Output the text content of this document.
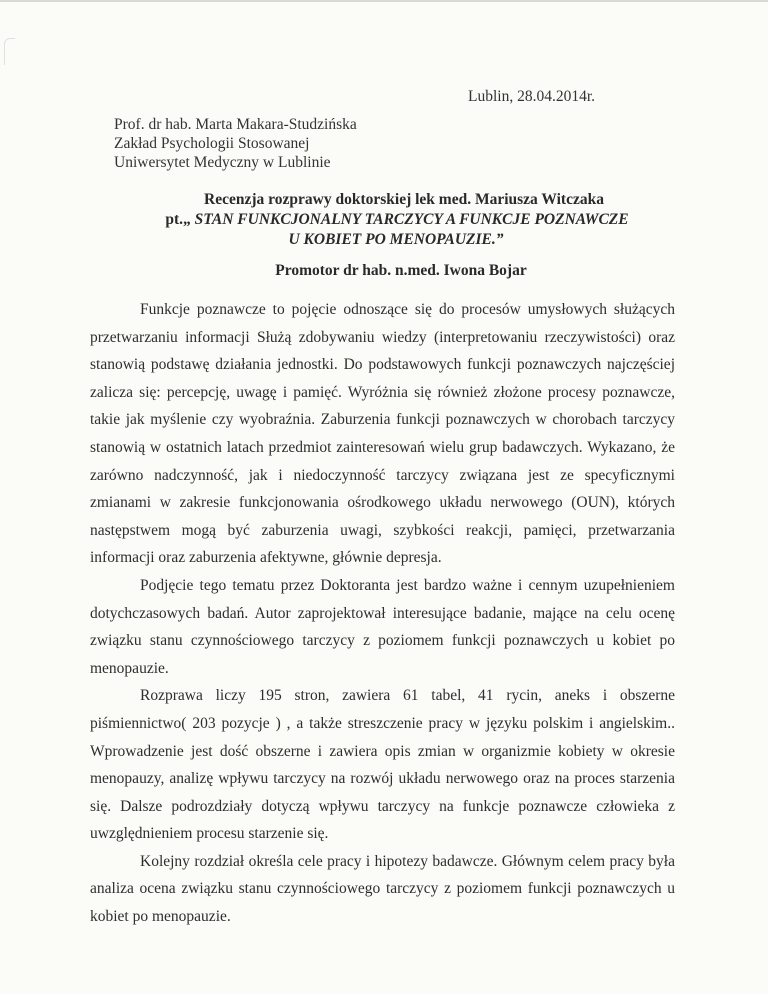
Lublin, 28.04.2014r.
Prof. dr hab. Marta Makara-Studzińska
Zakład Psychologii Stosowanej
Uniwersytet Medyczny w Lublinie
Recenzja rozprawy doktorskiej lek med. Mariusza Witczaka
pt.„ STAN FUNKCJONALNY TARCZYCY A FUNKCJE POZNAWCZE
U KOBIET PO MENOPAUZIE.”
Promotor dr hab. n.med. Iwona Bojar

Funkcje poznawcze to pojęcie odnoszące się do procesów umysłowych służących przetwarzaniu informacji Służą zdobywaniu wiedzy (interpretowaniu rzeczywistości) oraz stanowią podstawę działania jednostki. Do podstawowych funkcji poznawczych najczęściej zalicza się: percepcję, uwagę i pamięć. Wyróżnia się również złożone procesy poznawcze, takie jak myślenie czy wyobraźnia. Zaburzenia funkcji poznawczych w chorobach tarczycy stanowią w ostatnich latach przedmiot zainteresowań wielu grup badawczych. Wykazano, że zarówno nadczynność, jak i niedoczynność tarczycy związana jest ze specyficznymi zmianami w zakresie funkcjonowania ośrodkowego układu nerwowego (OUN), których następstwem mogą być zaburzenia uwagi, szybkości reakcji, pamięci, przetwarzania informacji oraz zaburzenia afektywne, głównie depresja.

Podjęcie tego tematu przez Doktoranta jest bardzo ważne i cennym uzupełnieniem dotychczasowych badań. Autor zaprojektował interesujące badanie, mające na celu ocenę związku stanu czynnościowego tarczycy z poziomem funkcji poznawczych u kobiet po menopauzie.

Rozprawa liczy 195 stron, zawiera 61 tabel, 41 rycin, aneks i obszerne piśmiennictwo( 203 pozycje ) , a także streszczenie pracy w języku polskim i angielskim.. Wprowadzenie jest dość obszerne i zawiera opis zmian w organizmie kobiety w okresie menopauzy, analizę wpływu tarczycy na rozwój układu nerwowego oraz na proces starzenia się. Dalsze podrozdziały dotyczą wpływu tarczycy na funkcje poznawcze człowieka z uwzględnieniem procesu starzenie się.

Kolejny rozdział określa cele pracy i hipotezy badawcze. Głównym celem pracy była analiza ocena związku stanu czynnościowego tarczycy z poziomem funkcji poznawczych u kobiet po menopauzie.
